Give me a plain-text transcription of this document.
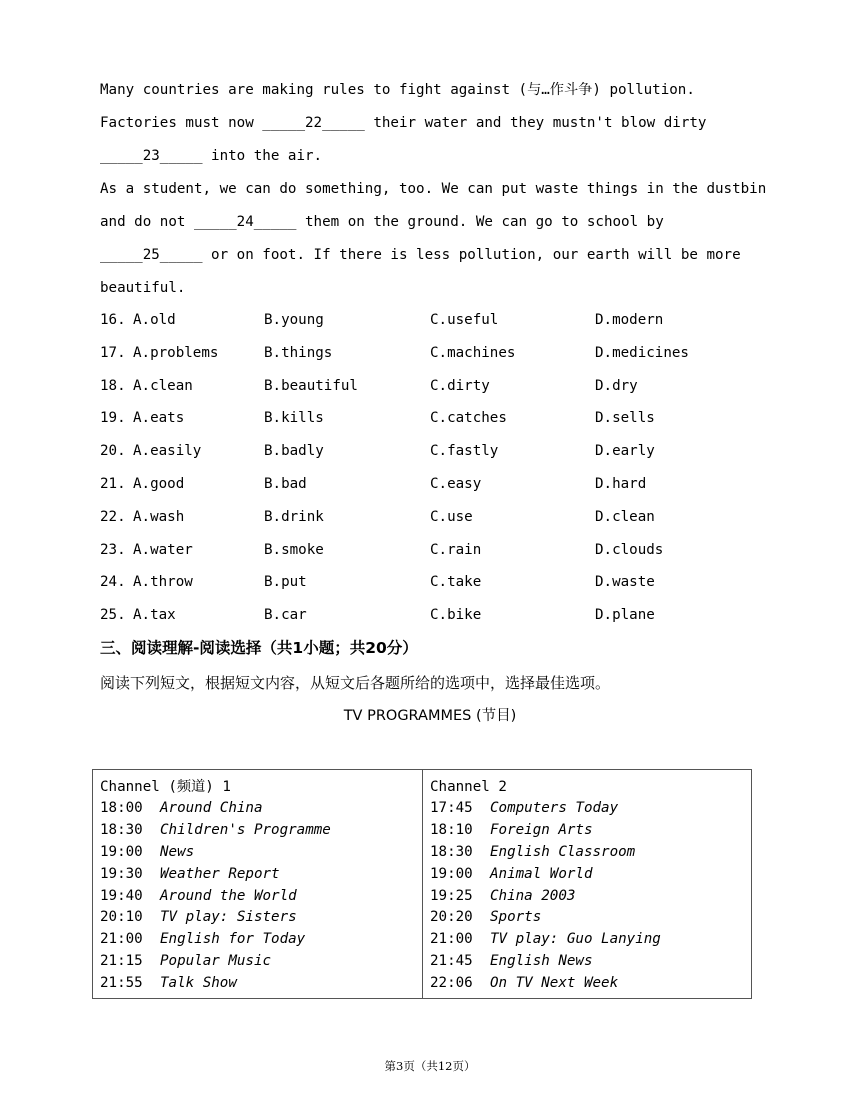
Many countries are making rules to fight against (与…作斗争) pollution.
Factories must now _____22_____ their water and they mustn't blow dirty
_____23_____ into the air.
As a student, we can do something, too. We can put waste things in the dustbin
and do not _____24_____ them on the ground. We can go to school by
_____25_____ or on foot. If there is less pollution, our earth will be more
beautiful.

16.

A.old

	B.young

	C.useful

	D.modern

17.

A.problems

	B.things

	C.machines

	D.medicines

18.

A.clean

	B.beautiful

	C.dirty

	D.dry

19.

A.eats

	B.kills

	C.catches

	D.sells

20.

A.easily

	B.badly

	C.fastly

	D.early

21.

A.good

	B.bad

	C.easy

	D.hard

22.

A.wash

	B.drink

	C.use

	D.clean

23.

A.water

	B.smoke

	C.rain

	D.clouds

24.

A.throw

	B.put

	C.take

	D.waste

25.

A.tax

	B.car

	C.bike

	D.plane

三、阅读理解-阅读选择（共1小题；共20分）
阅读下列短文，根据短文内容，从短文后各题所给的选项中，选择最佳选项。
TV PROGRAMMES (节目)
Channel (频道) 1
18:00 Around China
18:30 Children's Programme
19:00 News
19:30 Weather Report
19:40 Around the World
20:10 TV play: Sisters
21:00 English for Today
21:15 Popular Music
21:55 Talk Show
Channel 2
17:45 Computers Today
18:10 Foreign Arts
18:30 English Classroom
19:00 Animal World
19:25 China 2003
20:20 Sports
21:00 TV play: Guo Lanying
21:45 English News
22:06 On TV Next Week
第3页（共12页）
